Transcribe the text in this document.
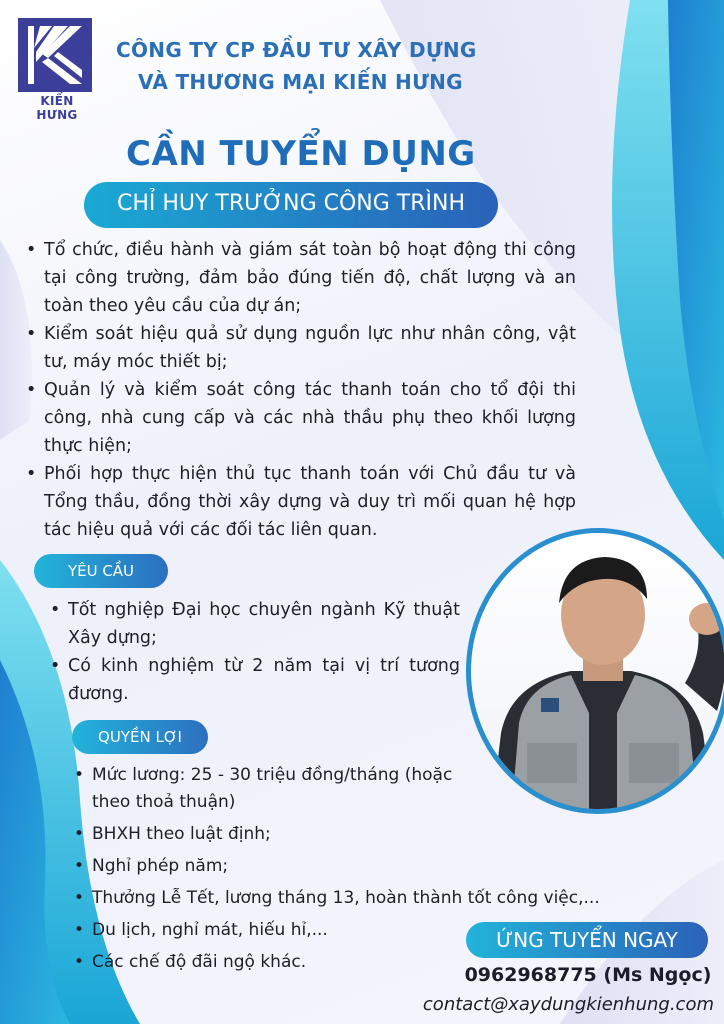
KIẾN HƯNG
CÔNG TY CP ĐẦU TƯ XÂY DỰNG
VÀ THƯƠNG MẠI KIẾN HƯNG
CẦN TUYỂN DỤNG
CHỈ HUY TRƯỞNG CÔNG TRÌNH
• Tổ chức, điều hành và giám sát toàn bộ hoạt động thi công tại công trường, đảm bảo đúng tiến độ, chất lượng và an toàn theo yêu cầu của dự án;
• Kiểm soát hiệu quả sử dụng nguồn lực như nhân công, vật tư, máy móc thiết bị;
• Quản lý và kiểm soát công tác thanh toán cho tổ đội thi công, nhà cung cấp và các nhà thầu phụ theo khối lượng thực hiện;
• Phối hợp thực hiện thủ tục thanh toán với Chủ đầu tư và Tổng thầu, đồng thời xây dựng và duy trì mối quan hệ hợp tác hiệu quả với các đối tác liên quan.
YÊU CẦU
• Tốt nghiệp Đại học chuyên ngành Kỹ thuật Xây dựng;
• Có kinh nghiệm từ 2 năm tại vị trí tương đương.
QUYỀN LỢI
• Mức lương: 25 - 30 triệu đồng/tháng (hoặc theo thoả thuận)
• BHXH theo luật định;
• Nghỉ phép năm;
• Thưởng Lễ Tết, lương tháng 13, hoàn thành tốt công việc,...
• Du lịch, nghỉ mát, hiếu hỉ,...
• Các chế độ đãi ngộ khác.
ỨNG TUYỂN NGAY
0962968775 (Ms Ngọc)
contact@xaydungkienhung.com
